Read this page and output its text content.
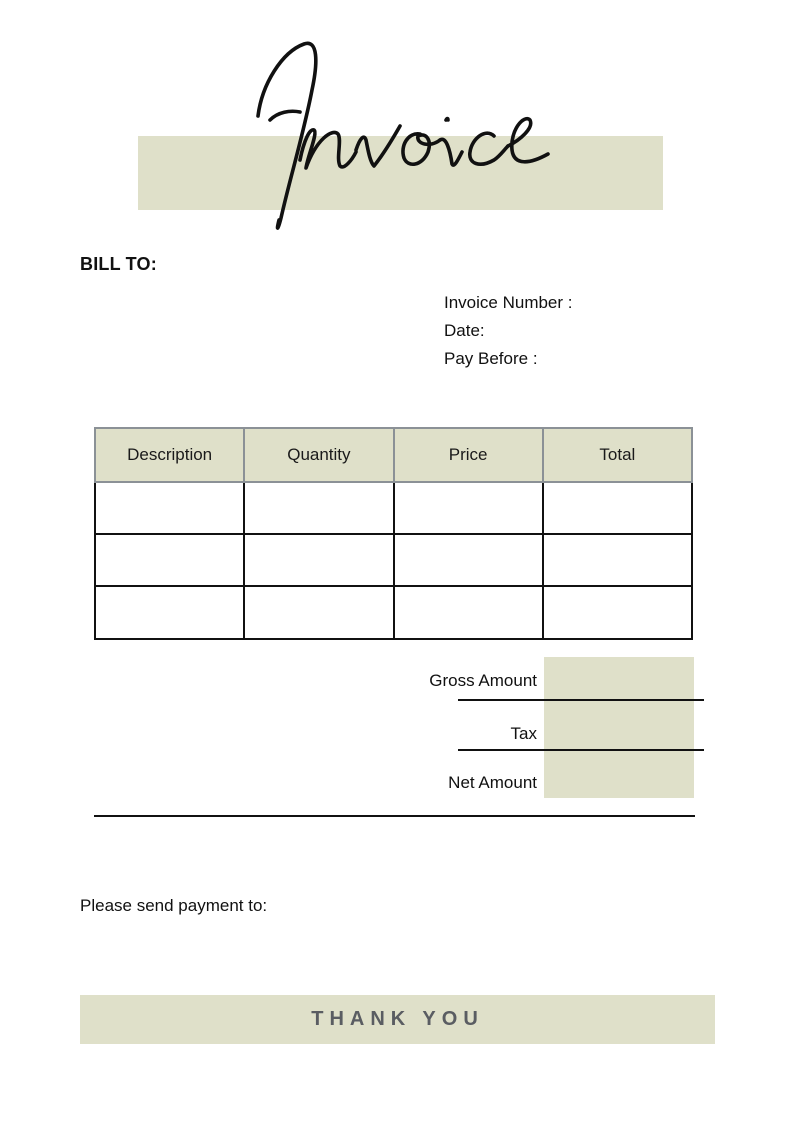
BILL TO:
Invoice Number :
Date:
Pay Before :
Description	Quantity	Price	Total

Gross Amount
Tax
Net Amount
Please send payment to:
THANK YOU
